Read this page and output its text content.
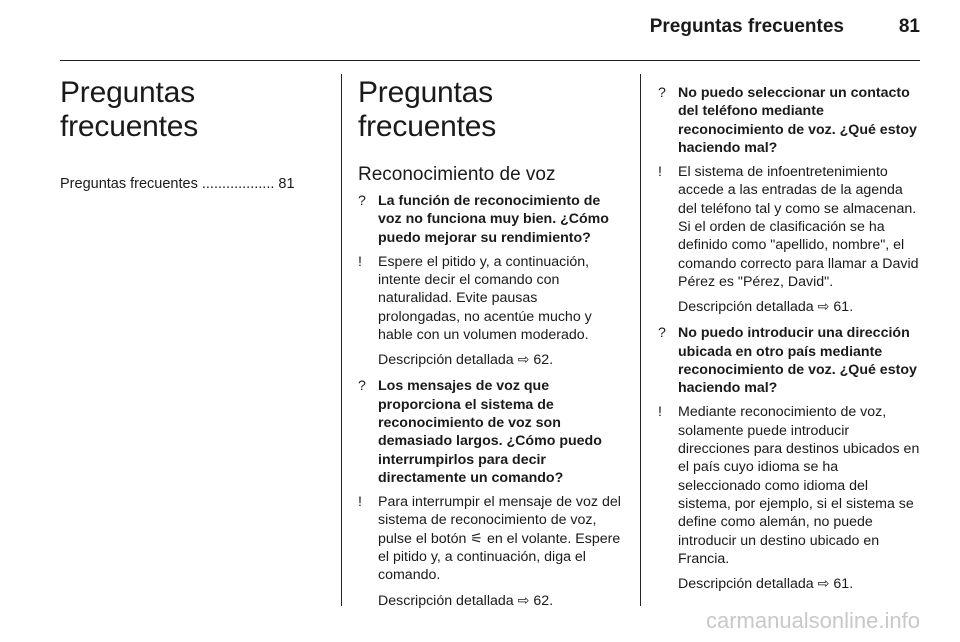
Preguntas frecuentes	81
Preguntas frecuentes
Preguntas frecuentes .................. 81
Preguntas frecuentes
Reconocimiento de voz
? La función de reconocimiento de voz no funciona muy bien. ¿Cómo puedo mejorar su rendimiento?
!	Espere el pitido y, a continuación, intente decir el comando con naturalidad. Evite pausas prolongadas, no acentúe mucho y hable con un volumen moderado.
Descripción detallada ⇨ 62.
? Los mensajes de voz que proporciona el sistema de reconocimiento de voz son demasiado largos. ¿Cómo puedo interrumpirlos para decir directamente un comando?
!	Para interrumpir el mensaje de voz del sistema de reconocimiento de voz, pulse el botón ⚟ en el volante. Espere el pitido y, a continuación, diga el comando.
Descripción detallada ⇨ 62.
? No puedo seleccionar un contacto del teléfono mediante reconocimiento de voz. ¿Qué estoy haciendo mal?
!	El sistema de infoentretenimiento accede a las entradas de la agenda del teléfono tal y como se almacenan. Si el orden de clasificación se ha definido como "apellido, nombre", el comando correcto para llamar a David Pérez es "Pérez, David".
Descripción detallada ⇨ 61.
? No puedo introducir una dirección ubicada en otro país mediante reconocimiento de voz. ¿Qué estoy haciendo mal?
!	Mediante reconocimiento de voz, solamente puede introducir direcciones para destinos ubicados en el país cuyo idioma se ha seleccionado como idioma del sistema, por ejemplo, si el sistema se define como alemán, no puede introducir un destino ubicado en Francia.
Descripción detallada ⇨ 61.
carmanualsonline.info
